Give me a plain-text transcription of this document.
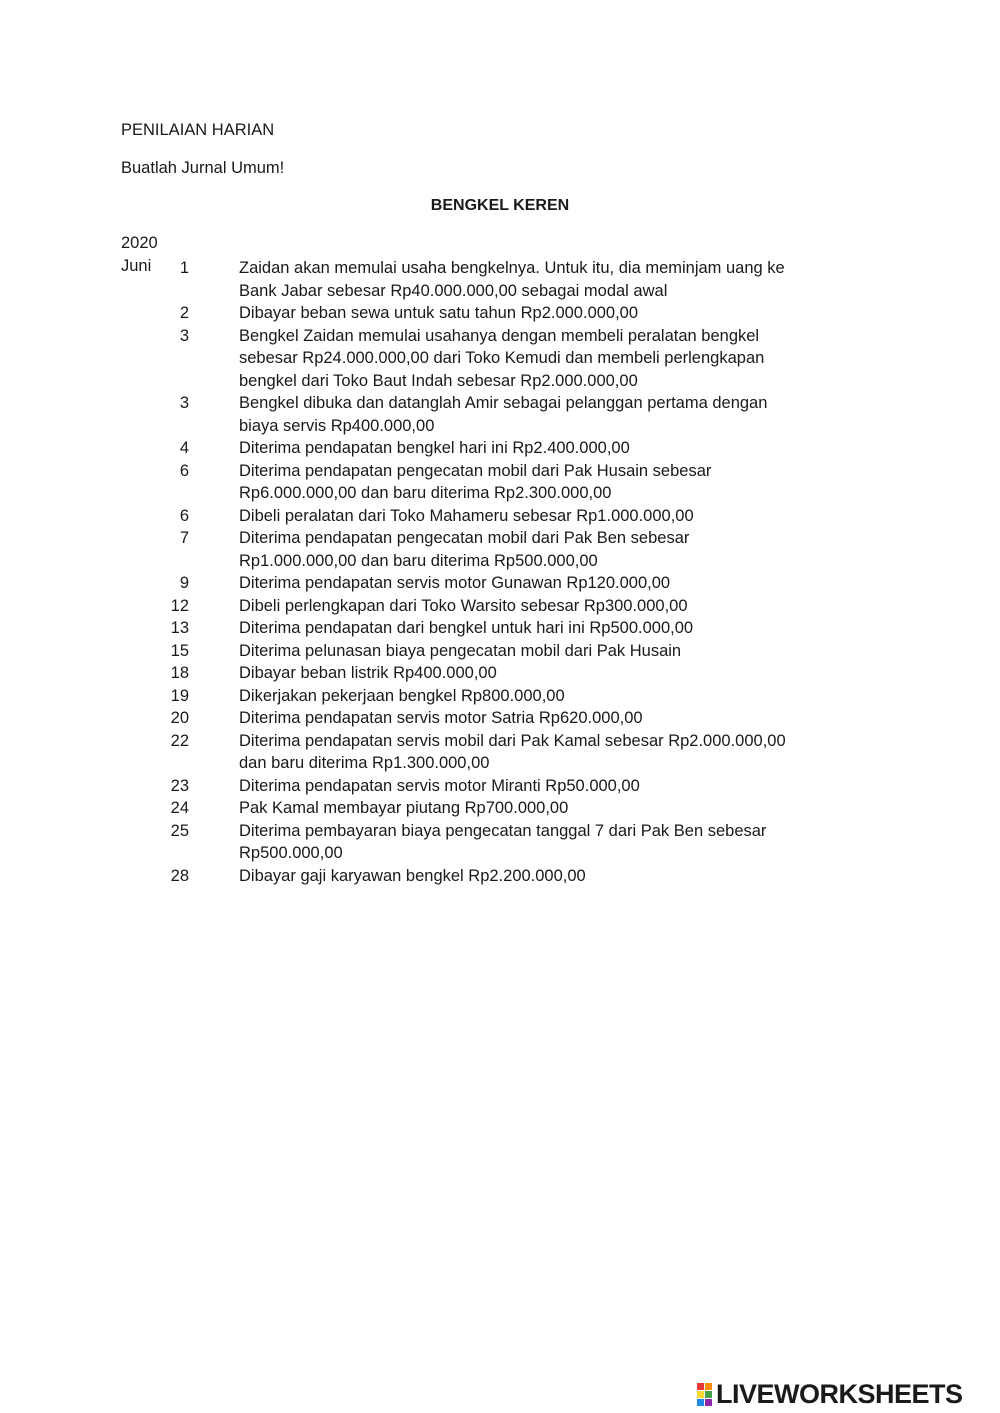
PENILAIAN HARIAN
Buatlah Jurnal Umum!
BENGKEL KEREN
2020
Juni	1	Zaidan akan memulai usaha bengkelnya. Untuk itu, dia meminjam uang ke
Bank Jabar sebesar Rp40.000.000,00 sebagai modal awal
2	Dibayar beban sewa untuk satu tahun Rp2.000.000,00
3	Bengkel Zaidan memulai usahanya dengan membeli peralatan bengkel
sebesar Rp24.000.000,00 dari Toko Kemudi dan membeli perlengkapan
bengkel dari Toko Baut Indah sebesar Rp2.000.000,00
3	Bengkel dibuka dan datanglah Amir sebagai pelanggan pertama dengan
biaya servis Rp400.000,00
4	Diterima pendapatan bengkel hari ini Rp2.400.000,00
6	Diterima pendapatan pengecatan mobil dari Pak Husain sebesar
Rp6.000.000,00 dan baru diterima Rp2.300.000,00
6	Dibeli peralatan dari Toko Mahameru sebesar Rp1.000.000,00
7	Diterima pendapatan pengecatan mobil dari Pak Ben sebesar
Rp1.000.000,00 dan baru diterima Rp500.000,00
9	Diterima pendapatan servis motor Gunawan Rp120.000,00
12	Dibeli perlengkapan dari Toko Warsito sebesar Rp300.000,00
13	Diterima pendapatan dari bengkel untuk hari ini Rp500.000,00
15	Diterima pelunasan biaya pengecatan mobil dari Pak Husain
18	Dibayar beban listrik Rp400.000,00
19	Dikerjakan pekerjaan bengkel Rp800.000,00
20	Diterima pendapatan servis motor Satria Rp620.000,00
22	Diterima pendapatan servis mobil dari Pak Kamal sebesar Rp2.000.000,00
dan baru diterima Rp1.300.000,00
23	Diterima pendapatan servis motor Miranti Rp50.000,00
24	Pak Kamal membayar piutang Rp700.000,00
25	Diterima pembayaran biaya pengecatan tanggal 7 dari Pak Ben sebesar
Rp500.000,00
28	Dibayar gaji karyawan bengkel Rp2.200.000,00
LIVEWORKSHEETS
